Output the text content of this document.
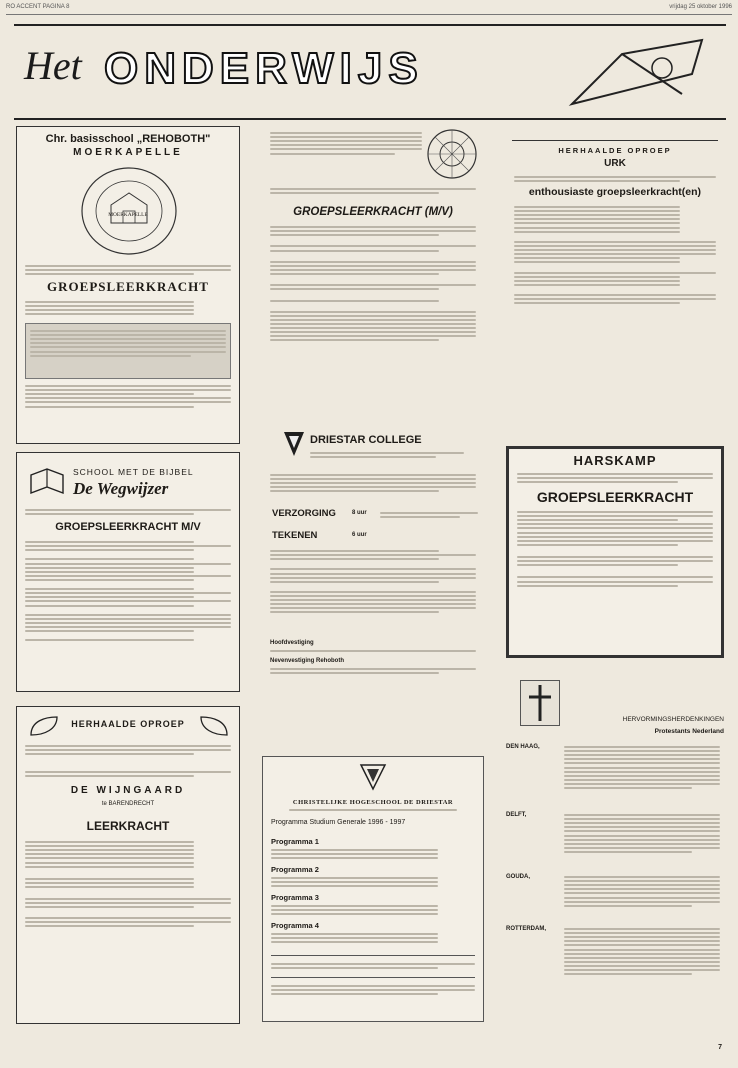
RO ACCENT PAGINA 8	vrijdag 25 oktober 1996
Het ONDERWIJS
Chr. basisschool „REHOBOTH"
MOERKAPELLE
MOERKAPELLE
GROEPSLEERKRACHT
GROEPSLEERKRACHT (M/V)
HERHAALDE OPROEP
URK
enthousiaste groepsleerkracht(en)
SCHOOL MET DE BIJBEL
De Wegwijzer
GROEPSLEERKRACHT M/V
DRIESTAR COLLEGE
VERZORGING	8 uur
TEKENEN	6 uur
Hoofdvestiging
Nevenvestiging Rehoboth
HARSKAMP
GROEPSLEERKRACHT
HERHAALDE OPROEP
DE WIJNGAARD
te BARENDRECHT
LEERKRACHT
CHRISTELIJKE HOGESCHOOL DE DRIESTAR
Programma Studium Generale 1996 - 1997
Programma 1
Programma 2
Programma 3
Programma 4
HERVORMINGSHERDENKINGEN
Protestants Nederland
DEN HAAG,
DELFT,
GOUDA,
ROTTERDAM,
7
